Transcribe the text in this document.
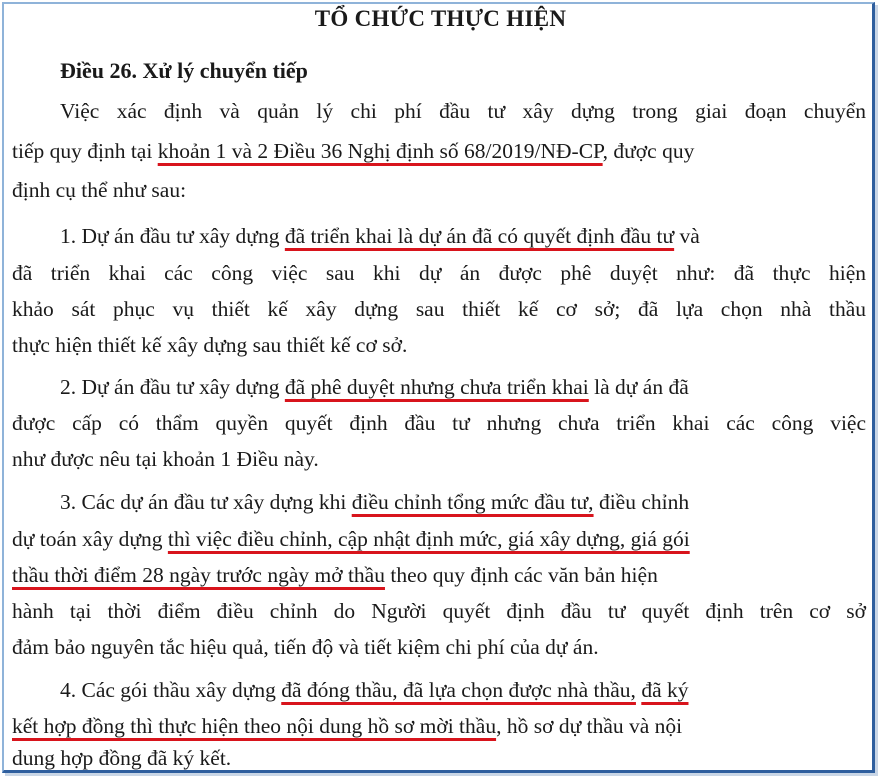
TỔ CHỨC THỰC HIỆN
Điều 26. Xử lý chuyển tiếp
Việc xác định và quản lý chi phí đầu tư xây dựng trong giai đoạn chuyển
tiếp quy định tại khoản 1 và 2 Điều 36 Nghị định số 68/2019/NĐ-CP, được quy
định cụ thể như sau:
1. Dự án đầu tư xây dựng đã triển khai là dự án đã có quyết định đầu tư và
đã triển khai các công việc sau khi dự án được phê duyệt như: đã thực hiện
khảo sát phục vụ thiết kế xây dựng sau thiết kế cơ sở; đã lựa chọn nhà thầu
thực hiện thiết kế xây dựng sau thiết kế cơ sở.
2. Dự án đầu tư xây dựng đã phê duyệt nhưng chưa triển khai là dự án đã
được cấp có thẩm quyền quyết định đầu tư nhưng chưa triển khai các công việc
như được nêu tại khoản 1 Điều này.
3. Các dự án đầu tư xây dựng khi điều chỉnh tổng mức đầu tư, điều chỉnh
dự toán xây dựng thì việc điều chỉnh, cập nhật định mức, giá xây dựng, giá gói
thầu thời điểm 28 ngày trước ngày mở thầu theo quy định các văn bản hiện
hành tại thời điểm điều chỉnh do Người quyết định đầu tư quyết định trên cơ sở
đảm bảo nguyên tắc hiệu quả, tiến độ và tiết kiệm chi phí của dự án.
4. Các gói thầu xây dựng đã đóng thầu, đã lựa chọn được nhà thầu, đã ký
kết hợp đồng thì thực hiện theo nội dung hồ sơ mời thầu, hồ sơ dự thầu và nội
dung hợp đồng đã ký kết.
